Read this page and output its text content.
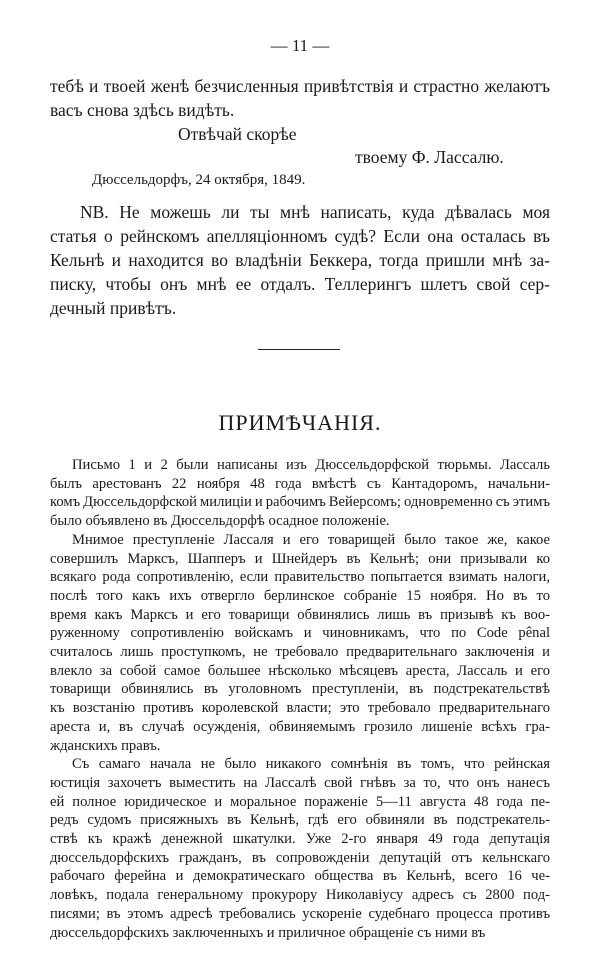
— 11 —
тебѣ и твоей женѣ безчисленныя привѣтствія и страстно желаютъ
васъ снова здѣсь видѣть.
Отвѣчай скорѣе
твоему Ф. Лассалю.
Дюссельдорфъ, 24 октября, 1849.
NB. Не можешь ли ты мнѣ написать, куда дѣвалась моя
статья о рейнскомъ апелляціонномъ судѣ? Если она осталась въ
Кельнѣ и находится во владѣніи Беккера, тогда пришли мнѣ за-
писку, чтобы онъ мнѣ ее отдалъ. Теллерингъ шлетъ свой сер-
дечный привѣтъ.
ПРИМѢЧАНІЯ.
Письмо 1 и 2 были написаны изъ Дюссельдорфской тюрьмы. Лассаль
былъ арестованъ 22 ноября 48 года вмѣстѣ съ Кантадоромъ, начальни-
комъ Дюссельдорфской милиціи и рабочимъ Вейерсомъ; одновременно съ этимъ
было объявлено въ Дюссельдорфѣ осадное положеніе.
Мнимое преступленіе Лассаля и его товарищей было такое же, какое
совершилъ Марксъ, Шапперъ и Шнейдеръ въ Кельнѣ; они призывали ко
всякаго рода сопротивленію, если правительство попытается взимать налоги,
послѣ того какъ ихъ отвергло берлинское собраніе 15 ноября. Но въ то
время какъ Марксъ и его товарищи обвинялись лишь въ призывѣ къ воо-
руженному сопротивленію войскамъ и чиновникамъ, что по Code pênal
считалось лишь проступкомъ, не требовало предварительнаго заключенія и
влекло за собой самое большее нѣсколько мѣсяцевъ ареста, Лассаль и его
товарищи обвинялись въ уголовномъ преступленіи, въ подстрекательствѣ
къ возстанію противъ королевской власти; это требовало предварительнаго
ареста и, въ случаѣ осужденія, обвиняемымъ грозило лишеніе всѣхъ гра-
жданскихъ правъ.
Съ самаго начала не было никакого сомнѣнія въ томъ, что рейнская
юстиція захочетъ выместить на Лассалѣ свой гнѣвъ за то, что онъ нанесъ
ей полное юридическое и моральное пораженіе 5—11 августа 48 года пе-
редъ судомъ присяжныхъ въ Кельнѣ, гдѣ его обвиняли въ подстрекатель-
ствѣ къ кражѣ денежной шкатулки. Уже 2-го января 49 года депутація
дюссельдорфскихъ гражданъ, въ сопровожденіи депутацій отъ кельнскаго
рабочаго ферейна и демократическаго общества въ Кельнѣ, всего 16 че-
ловѣкъ, подала генеральному прокурору Николавіусу адресъ съ 2800 под-
писями; въ этомъ адресѣ требовались ускореніе судебнаго процесса противъ
дюссельдорфскихъ заключенныхъ и приличное обращеніе съ ними въ
